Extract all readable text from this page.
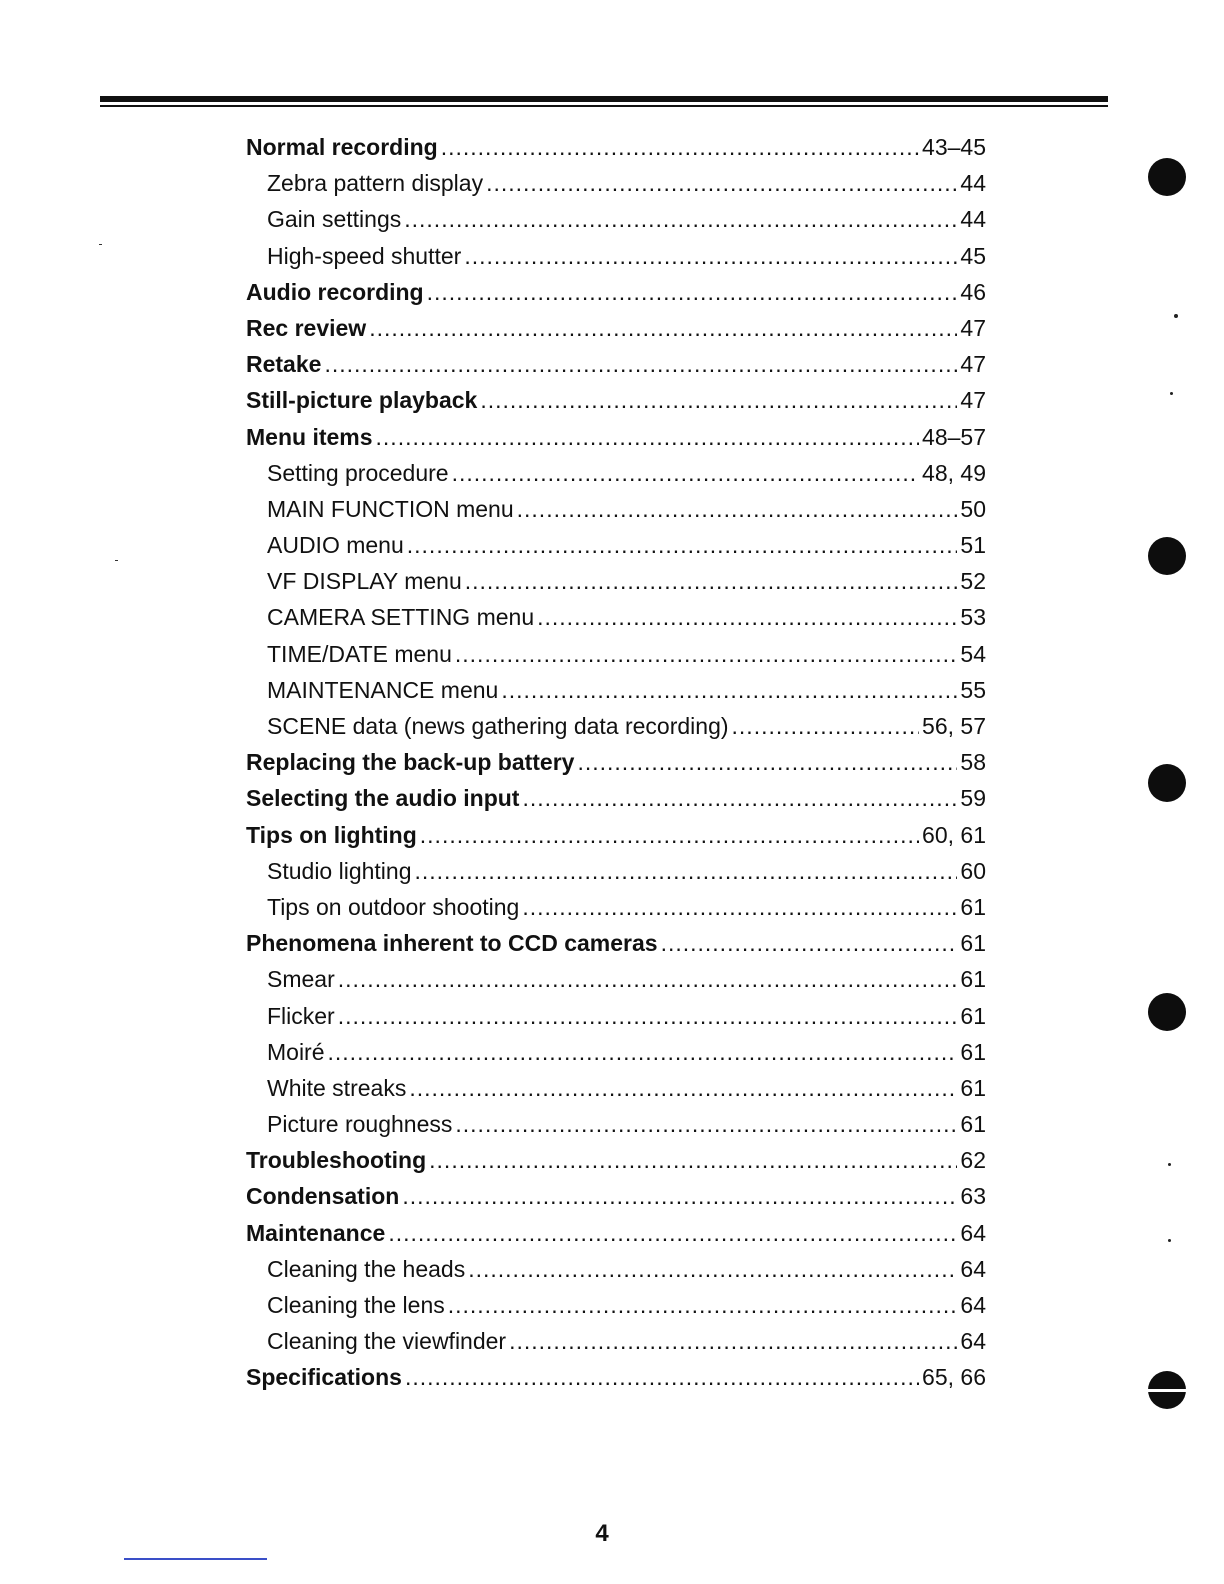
Normal recording .....	43–45
Zebra pattern display .....	44
Gain settings .....	44
High-speed shutter .....	45
Audio recording .....	46
Rec review .....	47
Retake .....	47
Still-picture playback .....	47
Menu items .....	48–57
Setting procedure .....	48, 49
MAIN FUNCTION menu .....	50
AUDIO menu .....	51
VF DISPLAY menu .....	52
CAMERA SETTING menu .....	53
TIME/DATE menu .....	54
MAINTENANCE menu .....	55
SCENE data (news gathering data recording) .....	56, 57
Replacing the back-up battery .....	58
Selecting the audio input .....	59
Tips on lighting .....	60, 61
Studio lighting .....	60
Tips on outdoor shooting .....	61
Phenomena inherent to CCD cameras .....	61
Smear .....	61
Flicker .....	61
Moiré .....	61
White streaks .....	61
Picture roughness .....	61
Troubleshooting .....	62
Condensation .....	63
Maintenance .....	64
Cleaning the heads .....	64
Cleaning the lens .....	64
Cleaning the viewfinder .....	64
Specifications .....	65, 66
4
